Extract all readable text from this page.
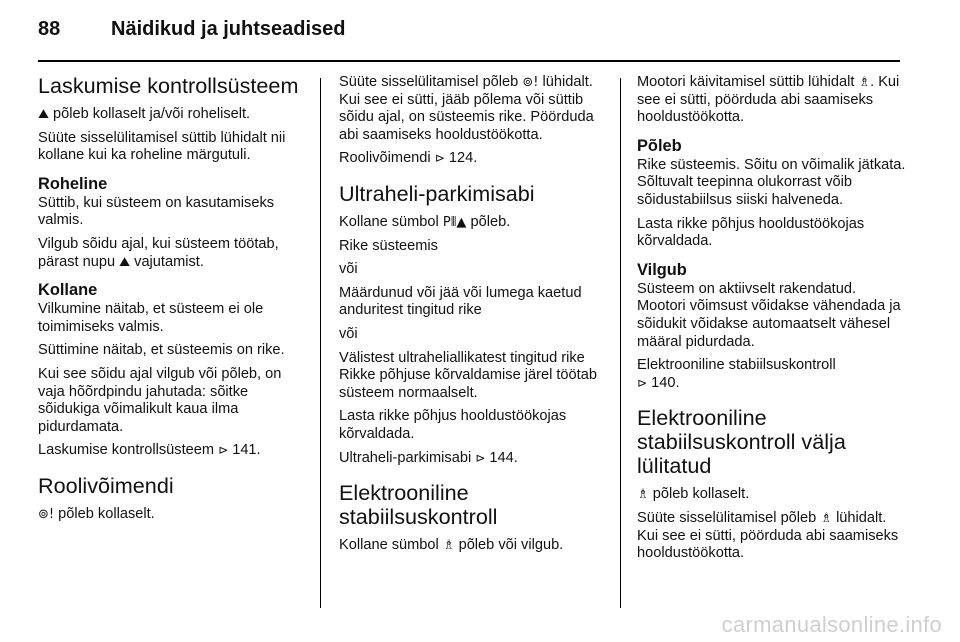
88	Näidikud ja juhtseadised
Laskumise kontrollsüsteem

⛰ põleb kollaselt ja/või roheliselt.

Süüte sisselülitamisel süttib lühidalt nii kollane kui ka roheline märgutuli.

Roheline

Süttib, kui süsteem on kasutamiseks valmis.

Vilgub sõidu ajal, kui süsteem töötab, pärast nupu ⛰ vajutamist.

Kollane

Vilkumine näitab, et süsteem ei ole toimimiseks valmis.

Süttimine näitab, et süsteemis on rike.

Kui see sõidu ajal vilgub või põleb, on vaja hõõrdpindu jahutada: sõitke sõidukiga võimalikult kaua ilma pidurdamata.

Laskumise kontrollsüsteem ⊳ 141.

Roolivõimendi

⊚! põleb kollaselt.

Süüte sisselülitamisel põleb ⊚! lühidalt. Kui see ei sütti, jääb põlema või süttib sõidu ajal, on süsteemis rike. Pöörduda abi saamiseks hooldustöökotta.

Roolivõimendi ⊳ 124.

Ultraheli-parkimisabi

Kollane sümbol P⦀▲ põleb.

Rike süsteemis

või

Määrdunud või jää või lumega kaetud anduritest tingitud rike

või

Välistest ultraheliallikatest tingitud rike Rikke põhjuse kõrvaldamise järel töötab süsteem normaalselt.

Lasta rikke põhjus hooldustöökojas kõrvaldada.

Ultraheli-parkimisabi ⊳ 144.

Elektrooniline stabiilsuskontroll

Kollane sümbol ♗ põleb või vilgub.

Mootori käivitamisel süttib lühidalt ♗. Kui see ei sütti, pöörduda abi saamiseks hooldustöökotta.

Põleb

Rike süsteemis. Sõitu on võimalik jätkata. Sõltuvalt teepinna olukorrast võib sõidustabiilsus siiski halveneda.

Lasta rikke põhjus hooldustöökojas kõrvaldada.

Vilgub

Süsteem on aktiivselt rakendatud. Mootori võimsust võidakse vähendada ja sõidukit võidakse automaatselt vähesel määral pidurdada.

Elektrooniline stabiilsuskontroll
⊳ 140.

Elektrooniline stabiilsuskontroll välja lülitatud

♗ põleb kollaselt.

Süüte sisselülitamisel põleb ♗ lühidalt. Kui see ei sütti, pöörduda abi saamiseks hooldustöökotta.

carmanualsonline.info
